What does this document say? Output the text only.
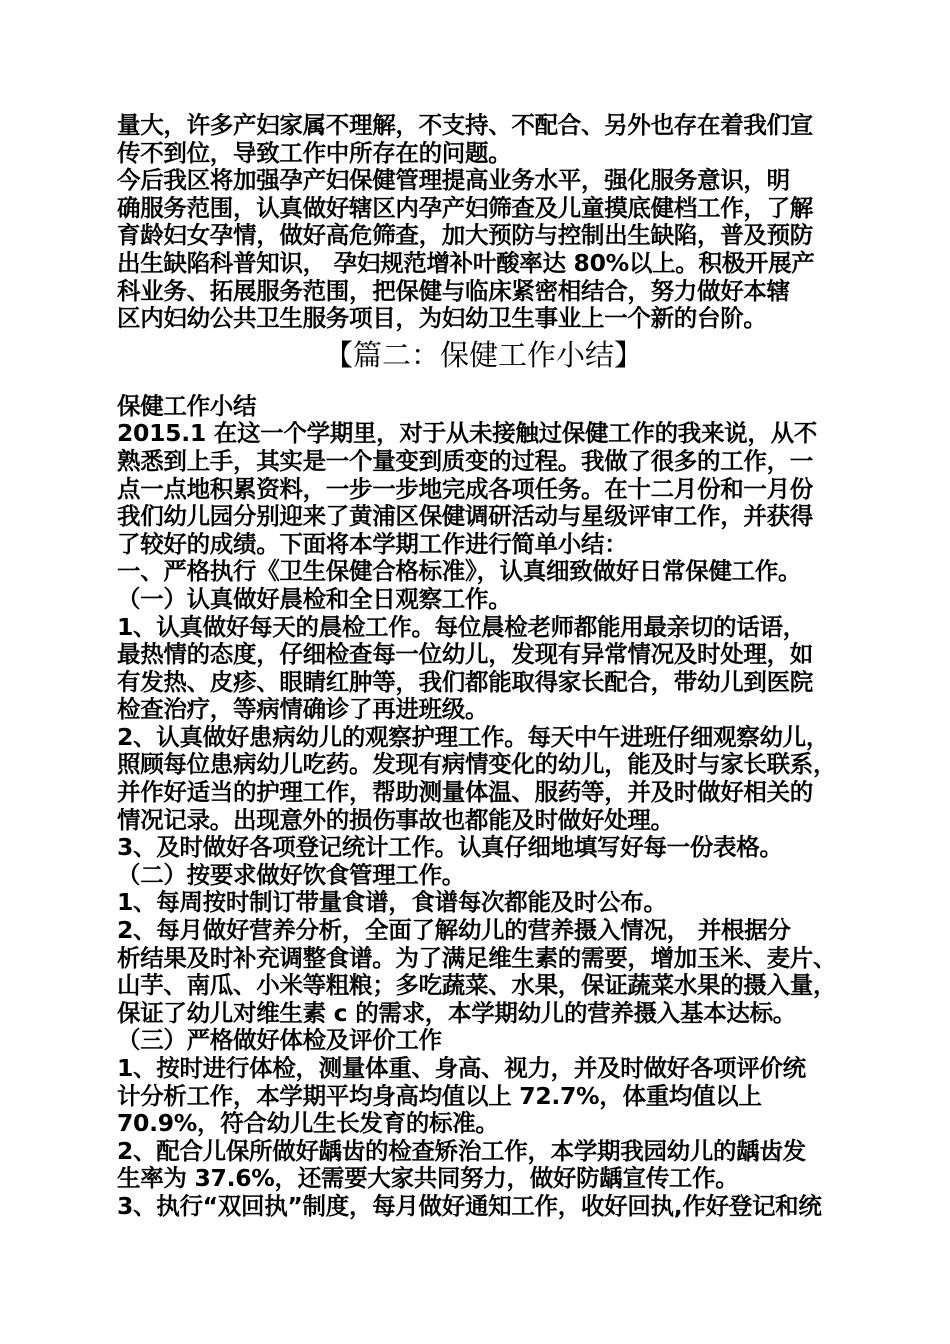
量大，许多产妇家属不理解，不支持、不配合、另外也存在着我们宣
传不到位，导致工作中所存在的问题。
今后我区将加强孕产妇保健管理提高业务水平，强化服务意识，明
确服务范围，认真做好辖区内孕产妇筛查及儿童摸底健档工作，了解
育龄妇女孕情，做好高危筛查，加大预防与控制出生缺陷，普及预防
出生缺陷科普知识， 孕妇规范增补叶酸率达 80%以上。积极开展产
科业务、拓展服务范围，把保健与临床紧密相结合，努力做好本辖
区内妇幼公共卫生服务项目，为妇幼卫生事业上一个新的台阶。
【篇二：保健工作小结】
保健工作小结
2015.1 在这一个学期里，对于从未接触过保健工作的我来说，从不
熟悉到上手，其实是一个量变到质变的过程。我做了很多的工作，一
点一点地积累资料，一步一步地完成各项任务。在十二月份和一月份
我们幼儿园分别迎来了黄浦区保健调研活动与星级评审工作，并获得
了较好的成绩。下面将本学期工作进行简单小结：
一、严格执行《卫生保健合格标准》，认真细致做好日常保健工作。
（一）认真做好晨检和全日观察工作。
1、认真做好每天的晨检工作。每位晨检老师都能用最亲切的话语，
最热情的态度，仔细检查每一位幼儿，发现有异常情况及时处理，如
有发热、皮疹、眼睛红肿等，我们都能取得家长配合，带幼儿到医院
检查治疗，等病情确诊了再进班级。
2、认真做好患病幼儿的观察护理工作。每天中午进班仔细观察幼儿，
照顾每位患病幼儿吃药。发现有病情变化的幼儿，能及时与家长联系，
并作好适当的护理工作，帮助测量体温、服药等，并及时做好相关的
情况记录。出现意外的损伤事故也都能及时做好处理。
3、及时做好各项登记统计工作。认真仔细地填写好每一份表格。
（二）按要求做好饮食管理工作。
1、每周按时制订带量食谱，食谱每次都能及时公布。
2、每月做好营养分析，全面了解幼儿的营养摄入情况， 并根据分
析结果及时补充调整食谱。为了满足维生素的需要，增加玉米、麦片、
山芋、南瓜、小米等粗粮；多吃蔬菜、水果，保证蔬菜水果的摄入量，
保证了幼儿对维生素 c 的需求，本学期幼儿的营养摄入基本达标。
（三）严格做好体检及评价工作
1、按时进行体检，测量体重、身高、视力，并及时做好各项评价统
计分析工作，本学期平均身高均值以上 72.7%，体重均值以上
70.9%，符合幼儿生长发育的标准。
2、配合儿保所做好龋齿的检查矫治工作，本学期我园幼儿的龋齿发
生率为 37.6%，还需要大家共同努力，做好防龋宣传工作。
3、执行“双回执”制度，每月做好通知工作，收好回执,作好登记和统
